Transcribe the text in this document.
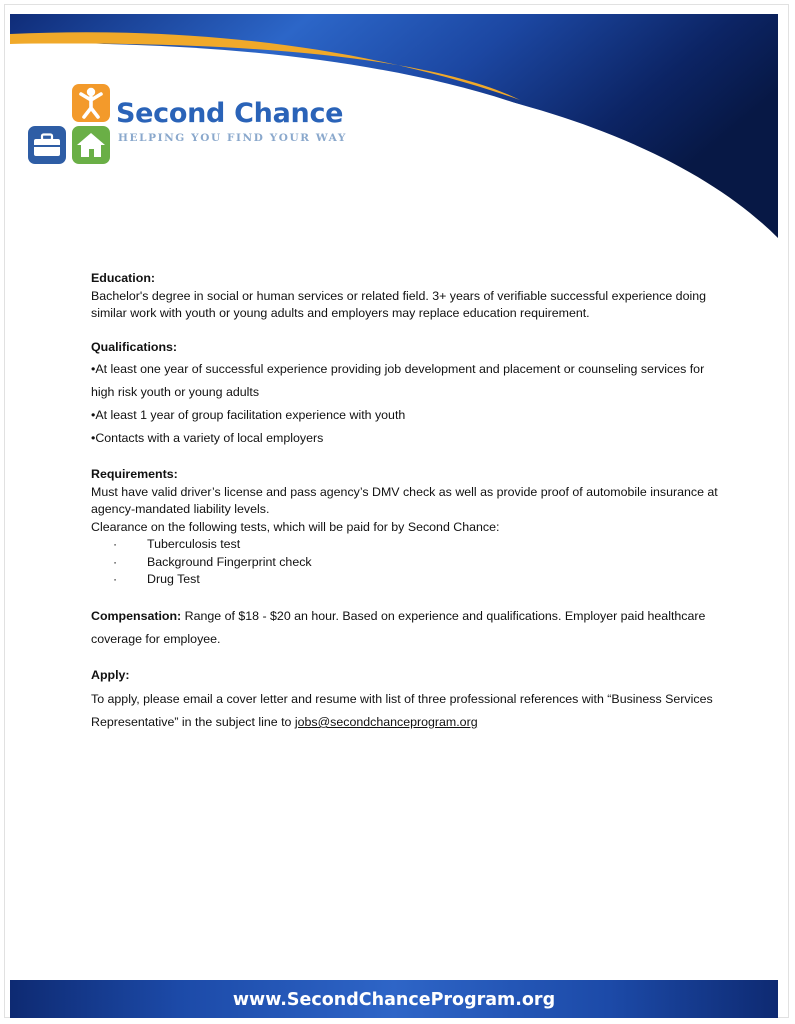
Second Chance
HELPING YOU FIND YOUR WAY
Education:
Bachelor's degree in social or human services or related field. 3+ years of verifiable successful experience doing similar work with youth or young adults and employers may replace education requirement.
Qualifications:
•At least one year of successful experience providing job development and placement or counseling services for high risk youth or young adults
•At least 1 year of group facilitation experience with youth
•Contacts with a variety of local employers
Requirements:
Must have valid driver’s license and pass agency’s DMV check as well as provide proof of automobile insurance at agency-mandated liability levels.
Clearance on the following tests, which will be paid for by Second Chance:
· Tuberculosis test
· Background Fingerprint check
· Drug Test
Compensation: Range of $18 - $20 an hour. Based on experience and qualifications. Employer paid healthcare coverage for employee.
Apply:
To apply, please email a cover letter and resume with list of three professional references with “Business Services Representative” in the subject line to jobs@secondchanceprogram.org
www.SecondChanceProgram.org
